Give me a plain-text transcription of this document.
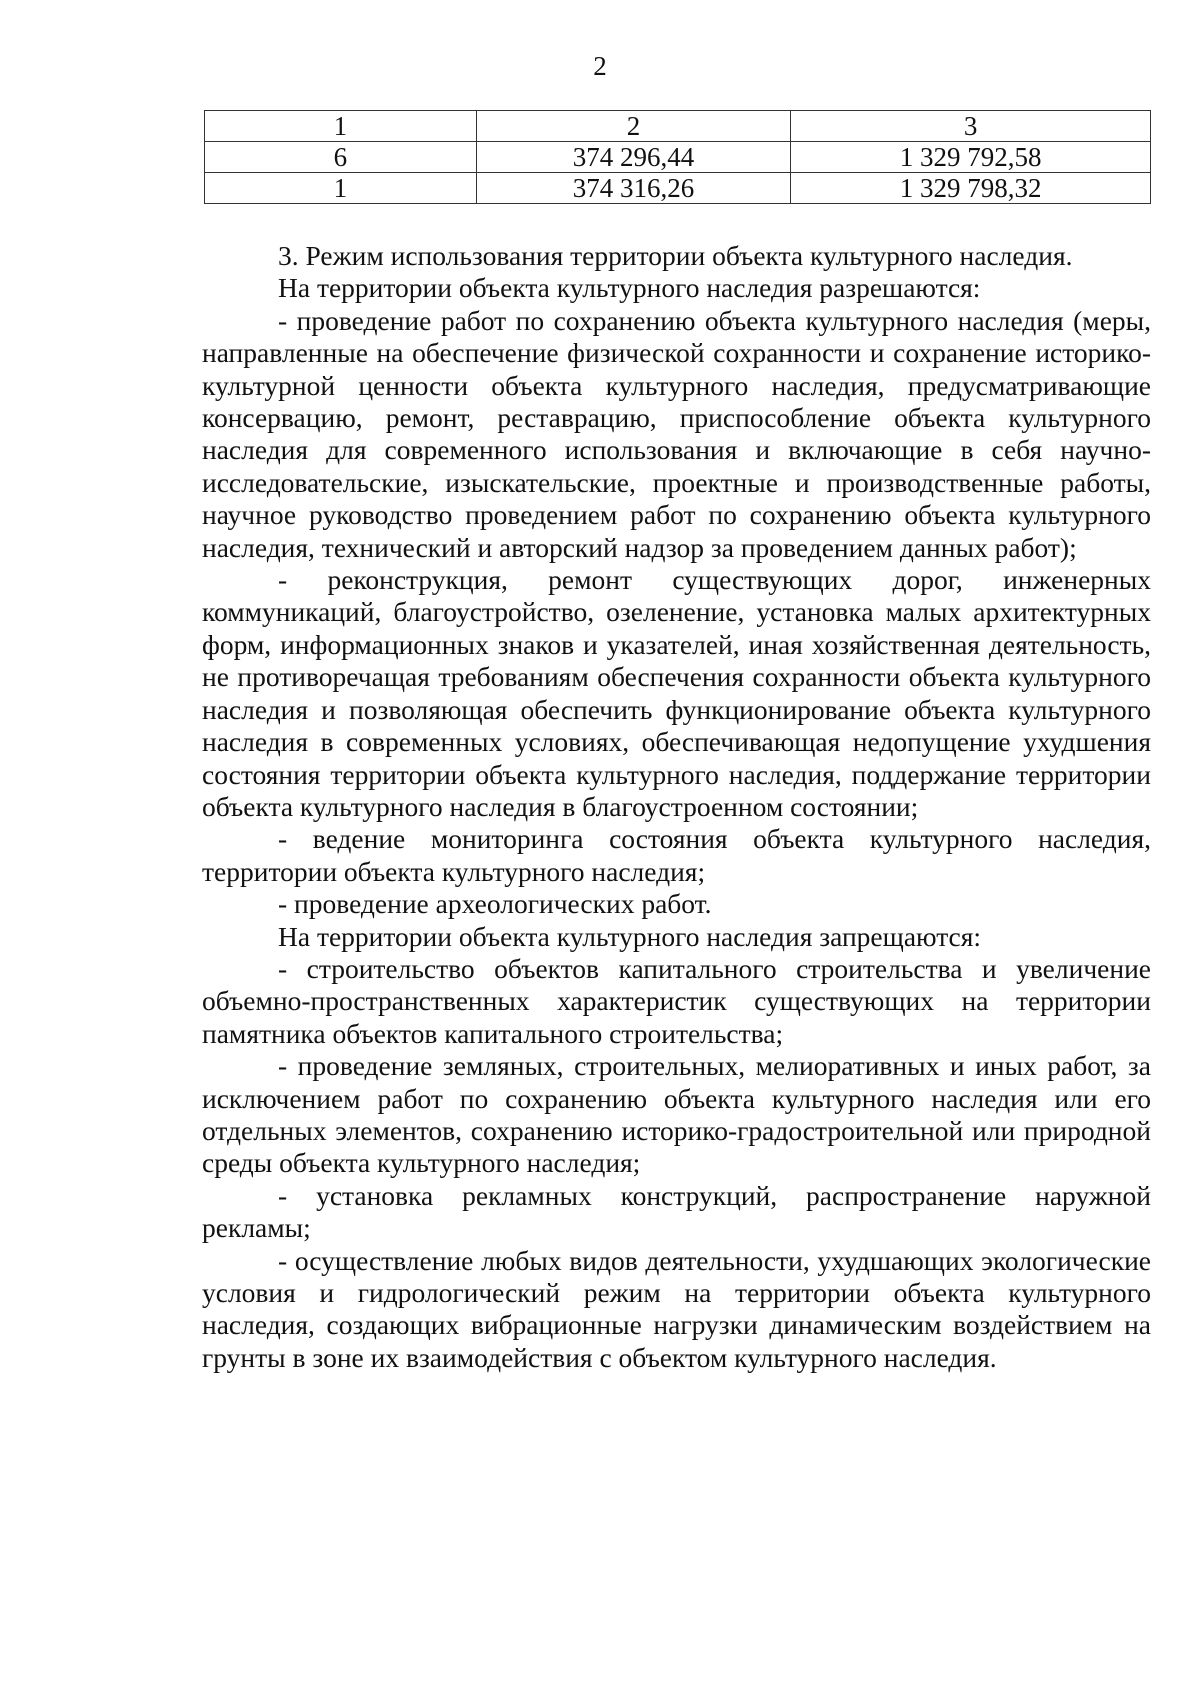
2
1	2	3
6	374 296,44	1 329 792,58
1	374 316,26	1 329 798,32

3. Режим использования территории объекта культурного наследия.

На территории объекта культурного наследия разрешаются:

- проведение работ по сохранению объекта культурного наследия (меры, направленные на обеспечение физической сохранности и сохранение историко-культурной ценности объекта культурного наследия, предусматривающие консервацию, ремонт, реставрацию, приспособление объекта культурного наследия для современного использования и включающие в себя научно-исследовательские, изыскательские, проектные и производственные работы, научное руководство проведением работ по сохранению объекта культурного наследия, технический и авторский надзор за проведением данных работ);

- реконструкция, ремонт существующих дорог, инженерных коммуникаций, благоустройство, озеленение, установка малых архитектурных форм, информационных знаков и указателей, иная хозяйственная деятельность, не противоречащая требованиям обеспечения сохранности объекта культурного наследия и позволяющая обеспечить функционирование объекта культурного наследия в современных условиях, обеспечивающая недопущение ухудшения состояния территории объекта культурного наследия, поддержание территории объекта культурного наследия в благоустроенном состоянии;

- ведение мониторинга состояния объекта культурного наследия, территории объекта культурного наследия;

- проведение археологических работ.

На территории объекта культурного наследия запрещаются:

- строительство объектов капитального строительства и увеличение объемно-пространственных характеристик существующих на территории памятника объектов капитального строительства;

- проведение земляных, строительных, мелиоративных и иных работ, за исключением работ по сохранению объекта культурного наследия или его отдельных элементов, сохранению историко-градостроительной или природной среды объекта культурного наследия;

- установка рекламных конструкций, распространение наружной рекламы;

- осуществление любых видов деятельности, ухудшающих экологические условия и гидрологический режим на территории объекта культурного наследия, создающих вибрационные нагрузки динамическим воздействием на грунты в зоне их взаимодействия с объектом культурного наследия.
